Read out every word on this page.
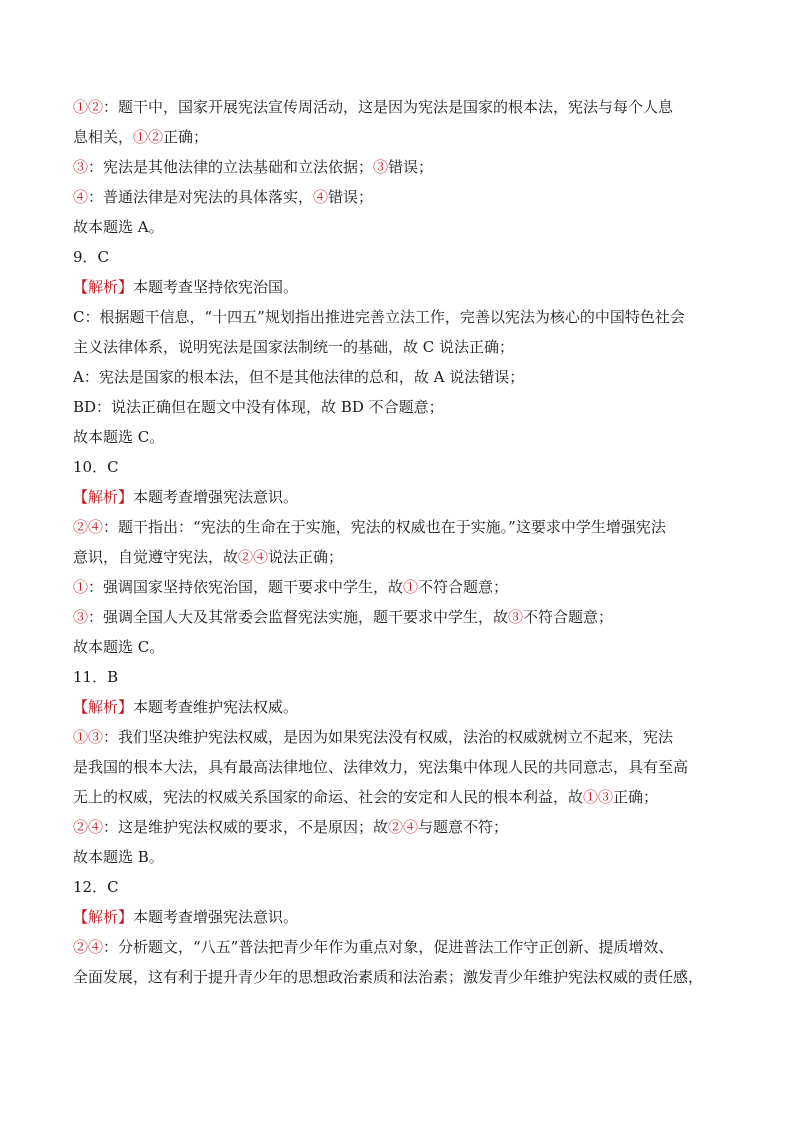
①②：题干中，国家开展宪法宣传周活动，这是因为宪法是国家的根本法，宪法与每个人息
息相关，①②正确；
③：宪法是其他法律的立法基础和立法依据；③错误；
④：普通法律是对宪法的具体落实，④错误；
故本题选 A。
9．C
【解析】本题考查坚持依宪治国。
C：根据题干信息，“十四五”规划指出推进完善立法工作，完善以宪法为核心的中国特色社会
主义法律体系，说明宪法是国家法制统一的基础，故 C 说法正确；
A：宪法是国家的根本法，但不是其他法律的总和，故 A 说法错误；
BD：说法正确但在题文中没有体现，故 BD 不合题意；
故本题选 C。
10．C
【解析】本题考查增强宪法意识。
②④：题干指出：“宪法的生命在于实施，宪法的权威也在于实施。”这要求中学生增强宪法
意识，自觉遵守宪法，故②④说法正确；
①：强调国家坚持依宪治国，题干要求中学生，故①不符合题意；
③：强调全国人大及其常委会监督宪法实施，题干要求中学生，故③不符合题意；
故本题选 C。
11．B
【解析】本题考查维护宪法权威。
①③：我们坚决维护宪法权威，是因为如果宪法没有权威，法治的权威就树立不起来，宪法
是我国的根本大法，具有最高法律地位、法律效力，宪法集中体现人民的共同意志，具有至高
无上的权威，宪法的权威关系国家的命运、社会的安定和人民的根本利益，故①③正确；
②④：这是维护宪法权威的要求，不是原因；故②④与题意不符；
故本题选 B。
12．C
【解析】本题考查增强宪法意识。
②④：分析题文，“八五”普法把青少年作为重点对象，促进普法工作守正创新、提质增效、
全面发展，这有利于提升青少年的思想政治素质和法治素；激发青少年维护宪法权威的责任感，
